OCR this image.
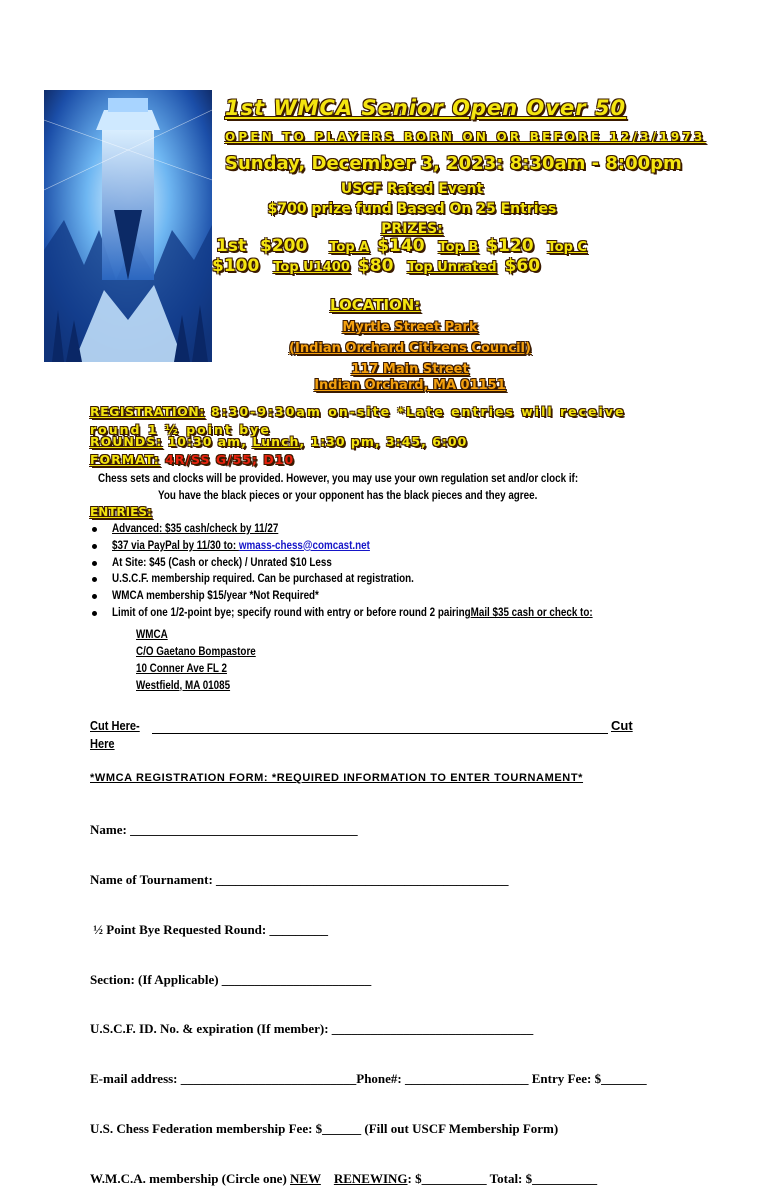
1st WMCA Senior Open Over 50
OPEN TO PLAYERS BORN ON OR BEFORE 12/3/1973
Sunday, December 3, 2023: 8:30am - 8:00pm
USCF Rated Event
$700 prize fund Based On 25 Entries
PRIZES:
1st $200 Top A $140 Top B $120 Top C
$100 Top U1400 $80 Top Unrated $60
LOCATION:
Myrtle Street Park
(Indian Orchard Citizens Council)
117 Main Street
Indian Orchard, MA 01151
REGISTRATION: 8:30-9:30am on-site *Late entries will receive round 1 ½ point bye
ROUNDS: 10:30 am, Lunch, 1:30 pm, 3:45, 6:00
FORMAT: 4R/SS G/55; D10
Chess sets and clocks will be provided. However, you may use your own regulation set and/or clock if:
You have the black pieces or your opponent has the black pieces and they agree.
ENTRIES:
Advanced: $35 cash/check by 11/27
$37 via PayPal by 11/30 to: wmass-chess@comcast.net
At Site: $45 (Cash or check) / Unrated $10 Less
U.S.C.F. membership required. Can be purchased at registration.
WMCA membership $15/year *Not Required*
Limit of one 1/2-point bye; specify round with entry or before round 2 pairingMail $35 cash or check to:
WMCA
C/O Gaetano Bompastore
10 Conner Ave FL 2
Westfield, MA 01085
Cut Here-	Cut
Here
*WMCA REGISTRATION FORM: *REQUIRED INFORMATION TO ENTER TOURNAMENT*

Name: ___________________________________

Name of Tournament: _____________________________________________

½ Point Bye Requested Round: _________

Section: (If Applicable) _______________________

U.S.C.F. ID. No. & expiration (If member): _______________________________

E-mail address: ___________________________Phone#: ___________________ Entry Fee: $_______

U.S. Chess Federation membership Fee: $______ (Fill out USCF Membership Form)

W.M.C.A. membership (Circle one) NEW RENEWING: $__________ Total: $__________
